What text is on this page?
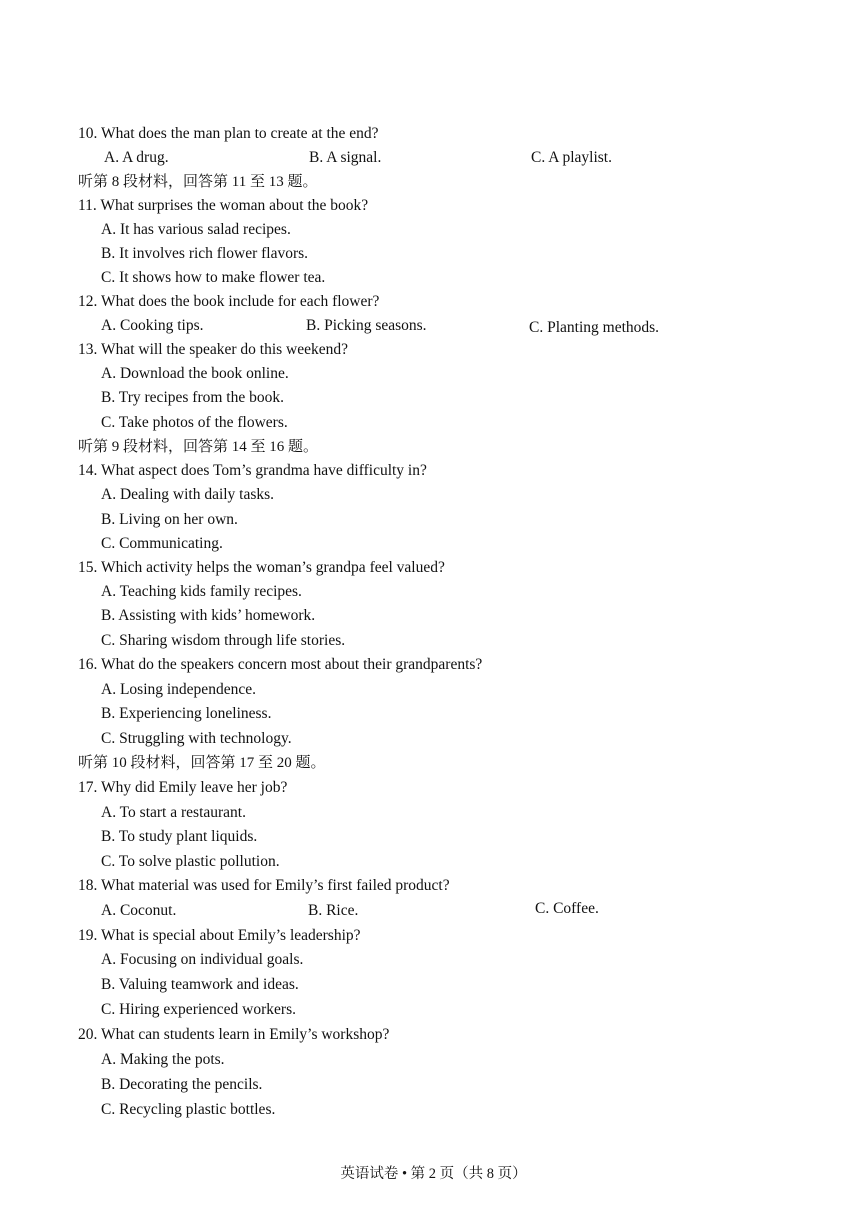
10. What does the man plan to create at the end?
A. A drug.	B. A signal.	C. A playlist.
听第 8 段材料，回答第 11 至 13 题。
11. What surprises the woman about the book?
A. It has various salad recipes.
B. It involves rich flower flavors.
C. It shows how to make flower tea.
12. What does the book include for each flower?
A. Cooking tips.	B. Picking seasons.	C. Planting methods.
13. What will the speaker do this weekend?
A. Download the book online.
B. Try recipes from the book.
C. Take photos of the flowers.
听第 9 段材料，回答第 14 至 16 题。
14. What aspect does Tom’s grandma have difficulty in?
A. Dealing with daily tasks.
B. Living on her own.
C. Communicating.
15. Which activity helps the woman’s grandpa feel valued?
A. Teaching kids family recipes.
B. Assisting with kids’ homework.
C. Sharing wisdom through life stories.
16. What do the speakers concern most about their grandparents?
A. Losing independence.
B. Experiencing loneliness.
C. Struggling with technology.
听第 10 段材料，回答第 17 至 20 题。
17. Why did Emily leave her job?
A. To start a restaurant.
B. To study plant liquids.
C. To solve plastic pollution.
18. What material was used for Emily’s first failed product?
A. Coconut.	B. Rice.	C. Coffee.
19. What is special about Emily’s leadership?
A. Focusing on individual goals.
B. Valuing teamwork and ideas.
C. Hiring experienced workers.
20. What can students learn in Emily’s workshop?
A. Making the pots.
B. Decorating the pencils.
C. Recycling plastic bottles.
英语试卷 • 第 2 页（共 8 页）
